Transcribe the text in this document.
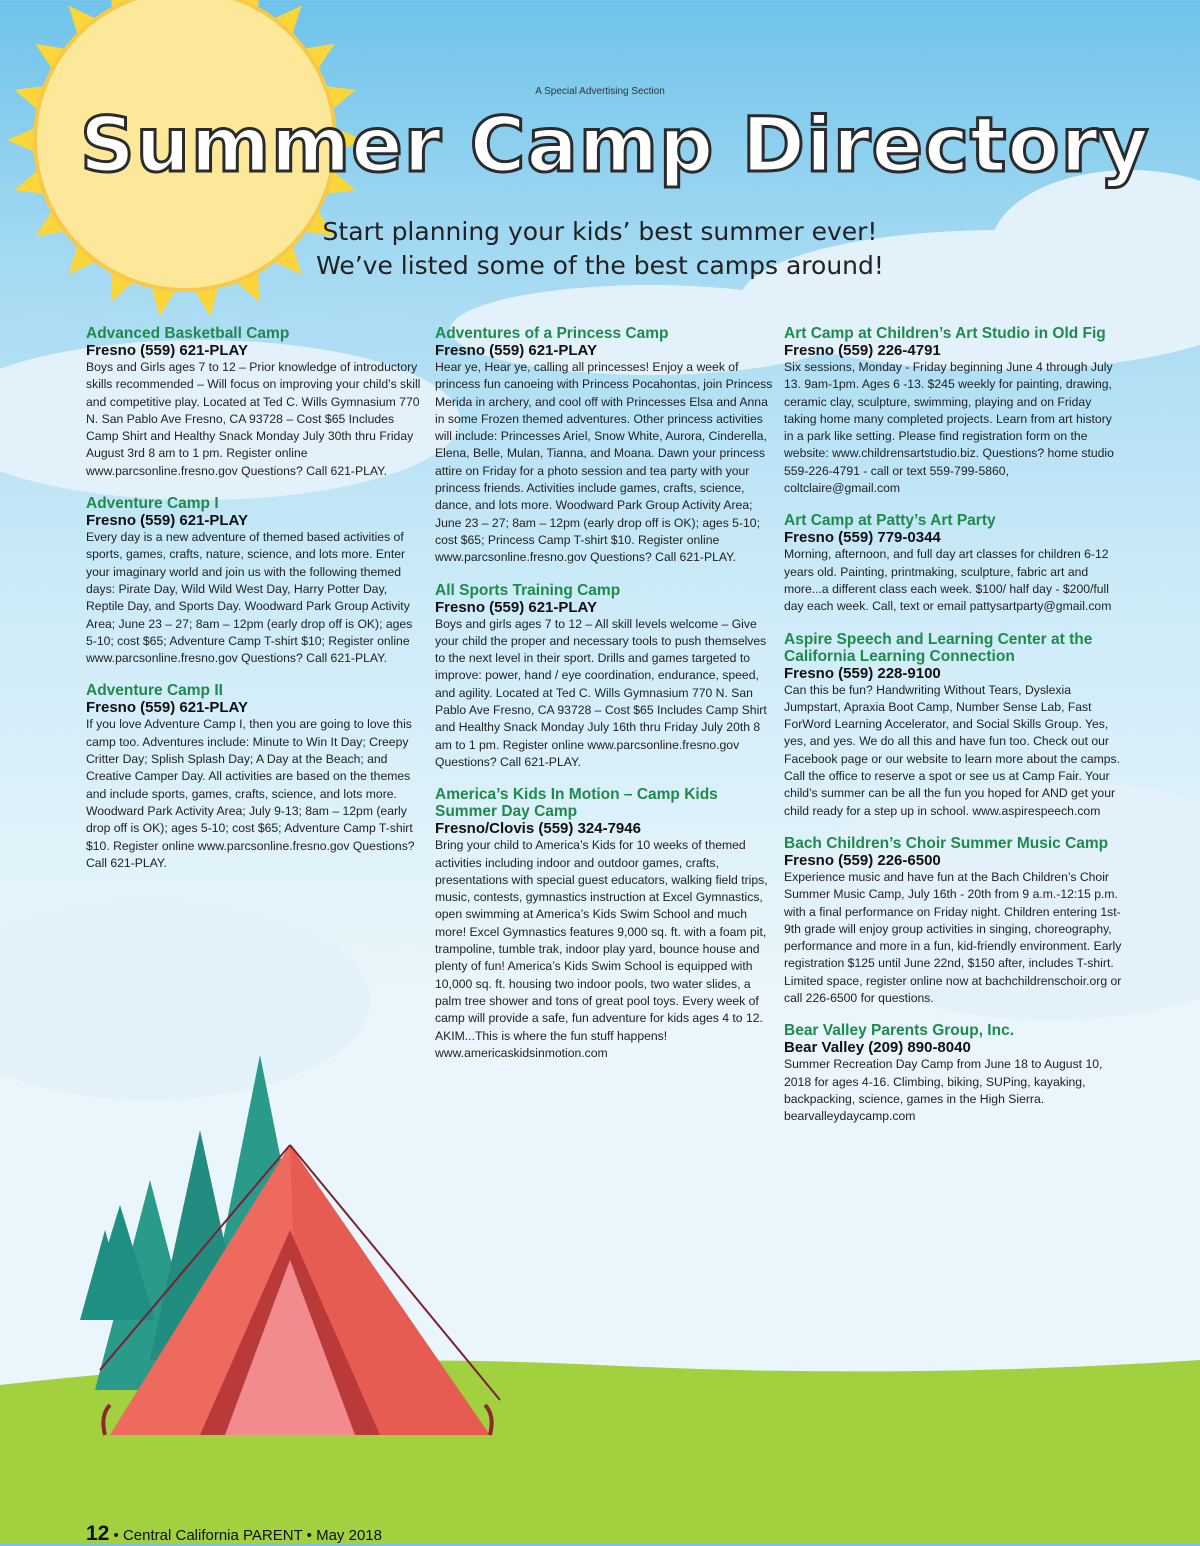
A Special Advertising Section
Summer Camp Directory
Start planning your kids’ best summer ever!
We’ve listed some of the best camps around!
Advanced Basketball Camp
Fresno (559) 621-PLAY
Boys and Girls ages 7 to 12 – Prior knowledge of introductory skills recommended – Will focus on improving your child’s skill and competitive play. Located at Ted C. Wills Gymnasium 770 N. San Pablo Ave Fresno, CA 93728 – Cost $65 Includes Camp Shirt and Healthy Snack Monday July 30th thru Friday August 3rd 8 am to 1 pm. Register online www.parcsonline.fresno.gov Questions? Call 621-PLAY.
Adventure Camp I
Fresno (559) 621-PLAY
Every day is a new adventure of themed based activities of sports, games, crafts, nature, science, and lots more. Enter your imaginary world and join us with the following themed days: Pirate Day, Wild Wild West Day, Harry Potter Day, Reptile Day, and Sports Day. Woodward Park Group Activity Area; June 23 – 27; 8am – 12pm (early drop off is OK); ages 5-10; cost $65; Adventure Camp T-shirt $10; Register online www.parcsonline.fresno.gov Questions? Call 621-PLAY.
Adventure Camp II
Fresno (559) 621-PLAY
If you love Adventure Camp I, then you are going to love this camp too. Adventures include: Minute to Win It Day; Creepy Critter Day; Splish Splash Day; A Day at the Beach; and Creative Camper Day. All activities are based on the themes and include sports, games, crafts, science, and lots more. Woodward Park Activity Area; July 9-13; 8am – 12pm (early drop off is OK); ages 5-10; cost $65; Adventure Camp T-shirt $10. Register online www.parcsonline.fresno.gov Questions? Call 621-PLAY.
Adventures of a Princess Camp
Fresno (559) 621-PLAY
Hear ye, Hear ye, calling all princesses! Enjoy a week of princess fun canoeing with Princess Pocahontas, join Princess Merida in archery, and cool off with Princesses Elsa and Anna in some Frozen themed adventures. Other princess activities will include: Princesses Ariel, Snow White, Aurora, Cinderella, Elena, Belle, Mulan, Tianna, and Moana. Dawn your princess attire on Friday for a photo session and tea party with your princess friends. Activities include games, crafts, science, dance, and lots more. Woodward Park Group Activity Area; June 23 – 27; 8am – 12pm (early drop off is OK); ages 5-10; cost $65; Princess Camp T-shirt $10. Register online www.parcsonline.fresno.gov Questions? Call 621-PLAY.
All Sports Training Camp
Fresno (559) 621-PLAY
Boys and girls ages 7 to 12 – All skill levels welcome – Give your child the proper and necessary tools to push themselves to the next level in their sport. Drills and games targeted to improve: power, hand / eye coordination, endurance, speed, and agility. Located at Ted C. Wills Gymnasium 770 N. San Pablo Ave Fresno, CA 93728 – Cost $65 Includes Camp Shirt and Healthy Snack Monday July 16th thru Friday July 20th 8 am to 1 pm. Register online www.parcsonline.fresno.gov Questions? Call 621-PLAY.
America’s Kids In Motion – Camp Kids Summer Day Camp
Fresno/Clovis (559) 324-7946
Bring your child to America’s Kids for 10 weeks of themed activities including indoor and outdoor games, crafts, presentations with special guest educators, walking field trips, music, contests, gymnastics instruction at Excel Gymnastics, open swimming at America’s Kids Swim School and much more! Excel Gymnastics features 9,000 sq. ft. with a foam pit, trampoline, tumble trak, indoor play yard, bounce house and plenty of fun! America’s Kids Swim School is equipped with 10,000 sq. ft. housing two indoor pools, two water slides, a palm tree shower and tons of great pool toys. Every week of camp will provide a safe, fun adventure for kids ages 4 to 12. AKIM...This is where the fun stuff happens! www.americaskidsinmotion.com
Art Camp at Children’s Art Studio in Old Fig
Fresno (559) 226-4791
Six sessions, Monday - Friday beginning June 4 through July 13. 9am-1pm. Ages 6 -13. $245 weekly for painting, drawing, ceramic clay, sculpture, swimming, playing and on Friday taking home many completed projects. Learn from art history in a park like setting. Please find registration form on the website: www.childrensartstudio.biz. Questions? home studio 559-226-4791 - call or text 559-799-5860, coltclaire@gmail.com
Art Camp at Patty’s Art Party
Fresno (559) 779-0344
Morning, afternoon, and full day art classes for children 6-12 years old. Painting, printmaking, sculpture, fabric art and more...a different class each week. $100/ half day - $200/full day each week. Call, text or email pattysartparty@gmail.com
Aspire Speech and Learning Center at the California Learning Connection
Fresno (559) 228-9100
Can this be fun? Handwriting Without Tears, Dyslexia Jumpstart, Apraxia Boot Camp, Number Sense Lab, Fast ForWord Learning Accelerator, and Social Skills Group. Yes, yes, and yes. We do all this and have fun too. Check out our Facebook page or our website to learn more about the camps. Call the office to reserve a spot or see us at Camp Fair. Your child’s summer can be all the fun you hoped for AND get your child ready for a step up in school. www.aspirespeech.com
Bach Children’s Choir Summer Music Camp
Fresno (559) 226-6500
Experience music and have fun at the Bach Children’s Choir Summer Music Camp, July 16th - 20th from 9 a.m.-12:15 p.m. with a final performance on Friday night. Children entering 1st-9th grade will enjoy group activities in singing, choreography, performance and more in a fun, kid-friendly environment. Early registration $125 until June 22nd, $150 after, includes T-shirt. Limited space, register online now at bachchildrenschoir.org or call 226-6500 for questions.
Bear Valley Parents Group, Inc.
Bear Valley (209) 890-8040
Summer Recreation Day Camp from June 18 to August 10, 2018 for ages 4-16. Climbing, biking, SUPing, kayaking, backpacking, science, games in the High Sierra. bearvalleydaycamp.com
12 • Central California PARENT • May 2018
